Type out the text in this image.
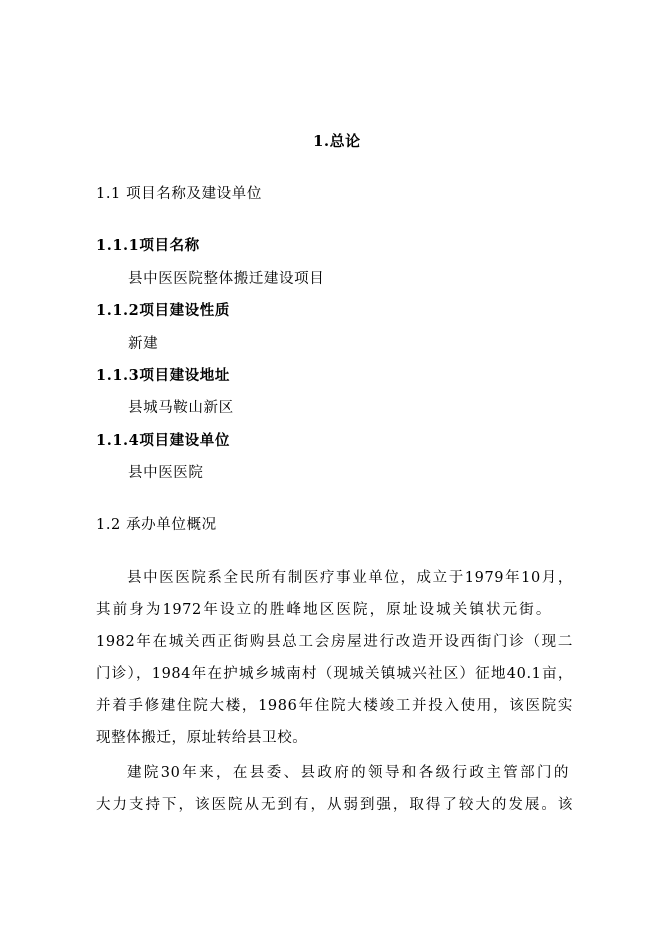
1.总论
1.1 项目名称及建设单位
1.1.1项目名称
县中医医院整体搬迁建设项目
1.1.2项目建设性质
新建
1.1.3项目建设地址
县城马鞍山新区
1.1.4项目建设单位
县中医医院
1.2 承办单位概况
县中医医院系全民所有制医疗事业单位，成立于1979年10月，
其前身为1972年设立的胜峰地区医院，原址设城关镇状元街。
1982年在城关西正街购县总工会房屋进行改造开设西街门诊（现二
门诊），1984年在护城乡城南村（现城关镇城兴社区）征地40.1亩，
并着手修建住院大楼，1986年住院大楼竣工并投入使用，该医院实
现整体搬迁，原址转给县卫校。
建院30年来，在县委、县政府的领导和各级行政主管部门的
大力支持下，该医院从无到有，从弱到强，取得了较大的发展。该
